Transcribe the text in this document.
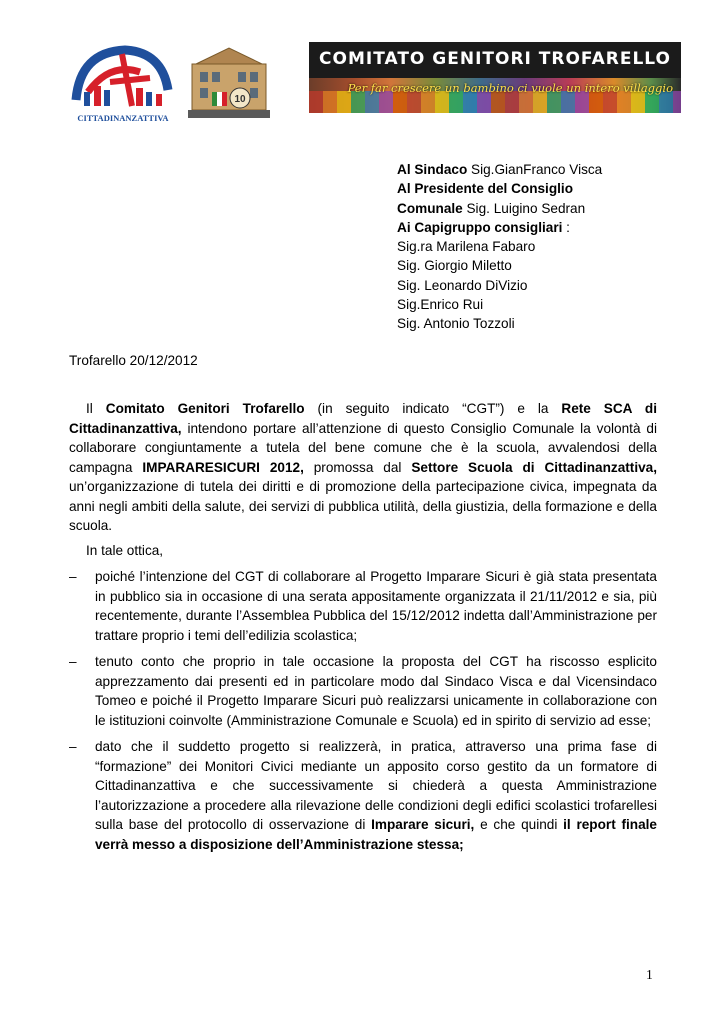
CITTADINANZATTIVA
10
COMITATO GENITORI TROFARELLO
Per far crescere un bambino ci vuole un intero villaggio
Al Sindaco Sig.GianFranco Visca
Al Presidente del Consiglio
Comunale Sig. Luigino Sedran
Ai Capigruppo consigliari :
Sig.ra Marilena Fabaro
Sig. Giorgio Miletto
Sig. Leonardo DiVizio
Sig.Enrico Rui
Sig. Antonio Tozzoli
Trofarello 20/12/2012
Il Comitato Genitori Trofarello (in seguito indicato “CGT”) e la Rete SCA di Cittadinanzattiva, intendono portare all’attenzione di questo Consiglio Comunale la volontà di collaborare congiuntamente a tutela del bene comune che è la scuola, avvalendosi della campagna IMPARARESICURI 2012, promossa dal Settore Scuola di Cittadinanzattiva, un’organizzazione di tutela dei diritti e di promozione della partecipazione civica, impegnata da anni negli ambiti della salute, dei servizi di pubblica utilità, della giustizia, della formazione e della scuola.
In tale ottica,
– poiché l’intenzione del CGT di collaborare al Progetto Imparare Sicuri è già stata presentata in pubblico sia in occasione di una serata appositamente organizzata il 21/11/2012 e sia, più recentemente, durante l’Assemblea Pubblica del 15/12/2012 indetta dall’Amministrazione per trattare proprio i temi dell’edilizia scolastica;
– tenuto conto che proprio in tale occasione la proposta del CGT ha riscosso esplicito apprezzamento dai presenti ed in particolare modo dal Sindaco Visca e dal Vicensindaco Tomeo e poiché il Progetto Imparare Sicuri può realizzarsi unicamente in collaborazione con le istituzioni coinvolte (Amministrazione Comunale e Scuola) ed in spirito di servizio ad esse;
– dato che il suddetto progetto si realizzerà, in pratica, attraverso una prima fase di “formazione” dei Monitori Civici mediante un apposito corso gestito da un formatore di Cittadinanzattiva e che successivamente si chiederà a questa Amministrazione l’autorizzazione a procedere alla rilevazione delle condizioni degli edifici scolastici trofarellesi sulla base del protocollo di osservazione di Imparare sicuri, e che quindi il report finale verrà messo a disposizione dell’Amministrazione stessa;
1
